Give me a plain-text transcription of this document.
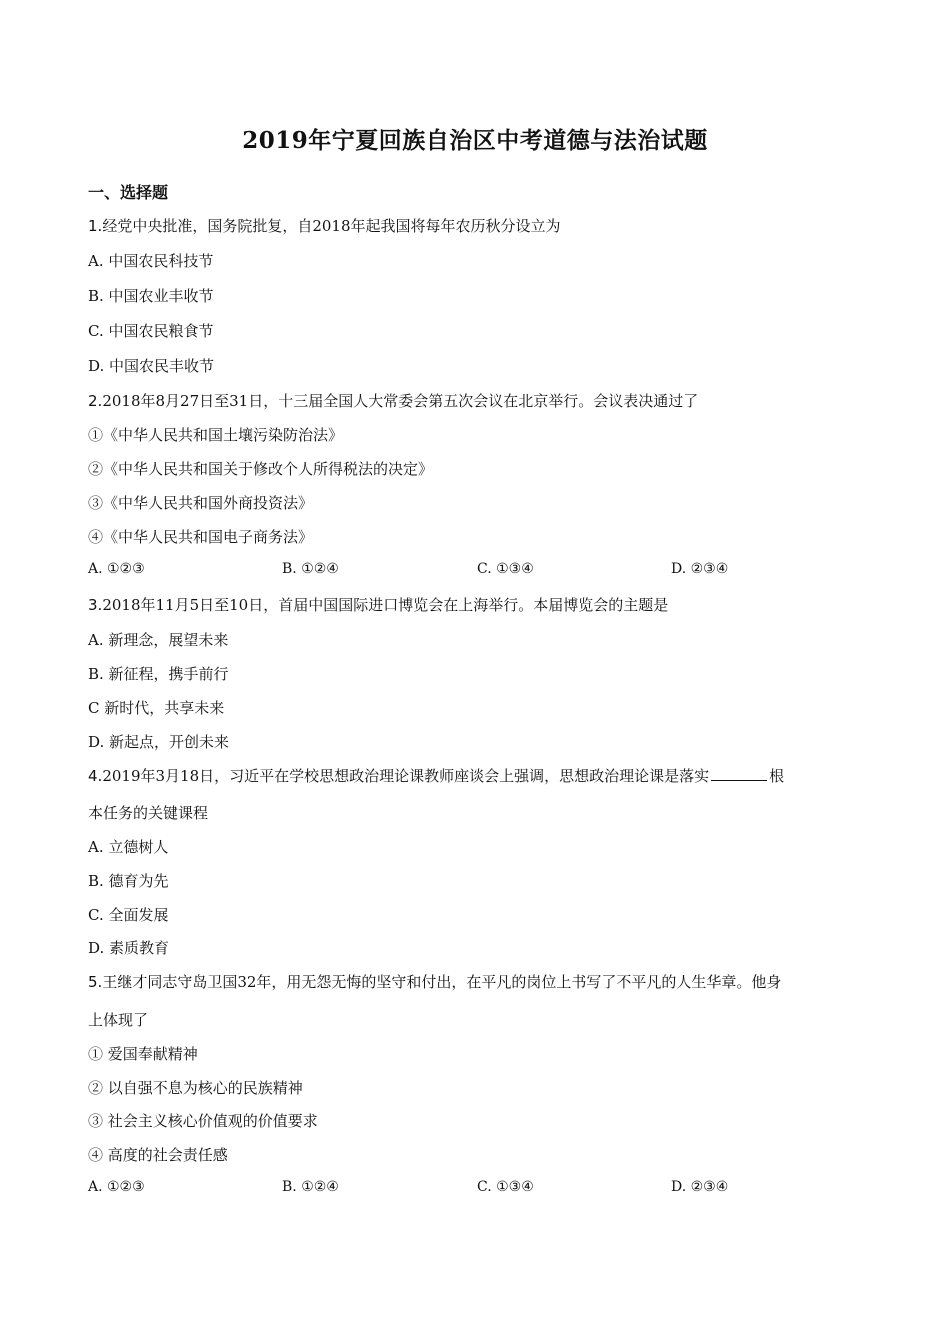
2019年宁夏回族自治区中考道德与法治试题
一、选择题
1.经党中央批准，国务院批复，自2018年起我国将每年农历秋分设立为
A. 中国农民科技节
B. 中国农业丰收节
C. 中国农民粮食节
D. 中国农民丰收节
2.2018年8月27日至31日，十三届全国人大常委会第五次会议在北京举行。会议表决通过了
①《中华人民共和国土壤污染防治法》
②《中华人民共和国关于修改个人所得税法的决定》
③《中华人民共和国外商投资法》
④《中华人民共和国电子商务法》
A. ①②③	B. ①②④	C. ①③④	D. ②③④
3.2018年11月5日至10日，首届中国国际进口博览会在上海举行。本届博览会的主题是
A. 新理念，展望未来
B. 新征程，携手前行
C 新时代，共享未来
D. 新起点，开创未来
4.2019年3月18日，习近平在学校思想政治理论课教师座谈会上强调，思想政治理论课是落实	根
本任务的关键课程
A. 立德树人
B. 德育为先
C. 全面发展
D. 素质教育
5.王继才同志守岛卫国32年，用无怨无悔的坚守和付出，在平凡的岗位上书写了不平凡的人生华章。他身
上体现了
① 爱国奉献精神
② 以自强不息为核心的民族精神
③ 社会主义核心价值观的价值要求
④ 高度的社会责任感
A. ①②③	B. ①②④	C. ①③④	D. ②③④
